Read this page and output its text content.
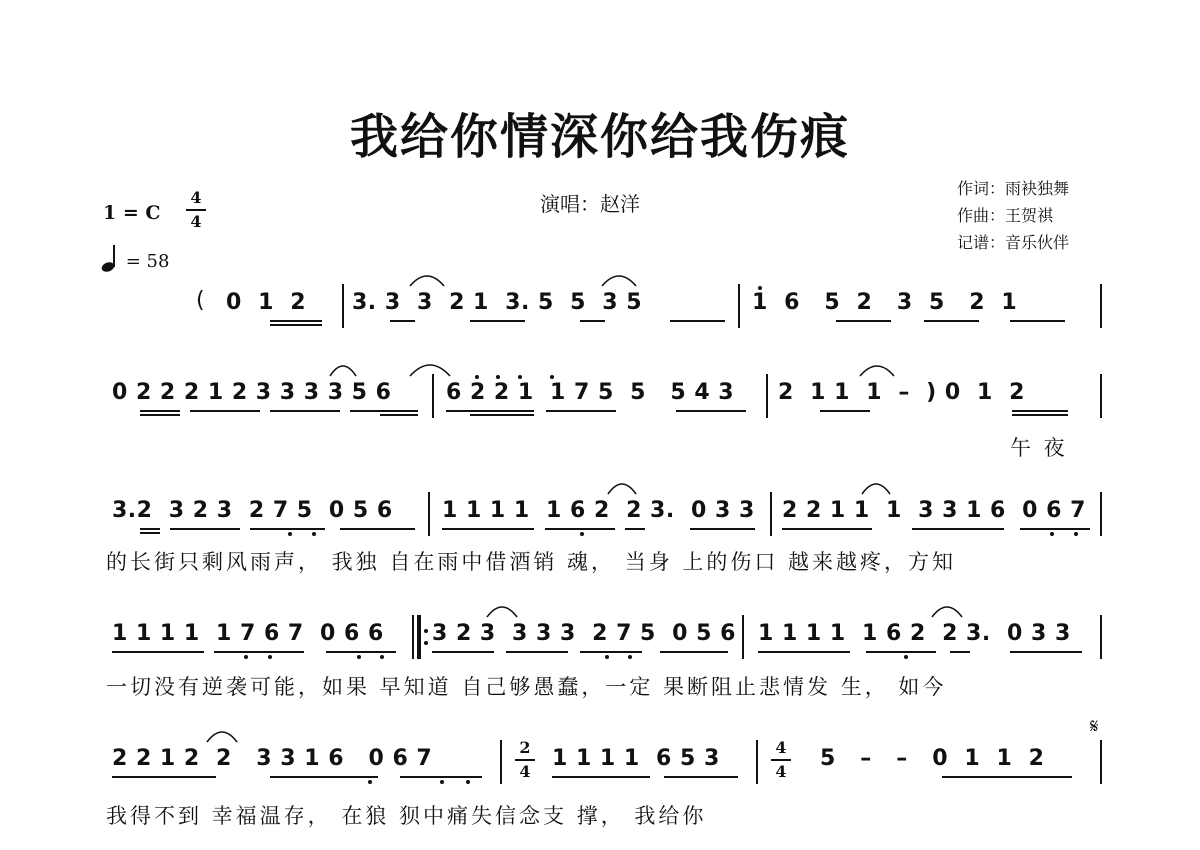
我给你情深你给我伤痕
演唱：赵洋
作词：雨袂独舞
作曲：王贺祺
记谱：音乐伙伴
1 = C
4
4
= 58
( 0  1  2 3. 3  3  2 1  3. 5  5  3 5	1  6   5  2   3  5   2  1
0 2 2 2 1 2 3 3 3 3 5 6 6 2 2 1  1 7 5  5   5 4 3 2  1 1  1  –  ) 0  1  2
午 夜
3.2  3 2 3  2 7 5  0 5 6 1 1 1 1  1 6 2  2 3.  0 3 3 2 2 1 1  1  3 3 1 6  0 6 7
的长街只剩风雨声， 我独 自在雨中借酒销 魂， 当身 上的伤口 越来越疼，方知
1 1 1 1  1 7 6 7  0 6 6 3 2 3  3 3 3  2 7 5  0 5 6 1 1 1 1  1 6 2  2 3.  0 3 3
一切没有逆袭可能，如果 早知道 自己够愚蠢，一定 果断阻止悲情发 生， 如今
2 2 1 2  2   3 3 1 6   0 6 7	2
4
1 1 1 1  6 5 3	4
4
5   –   –   0  1  1  2
𝄋
我得不到 幸福温存， 在狼 狈中痛失信念支 撑， 我给你
